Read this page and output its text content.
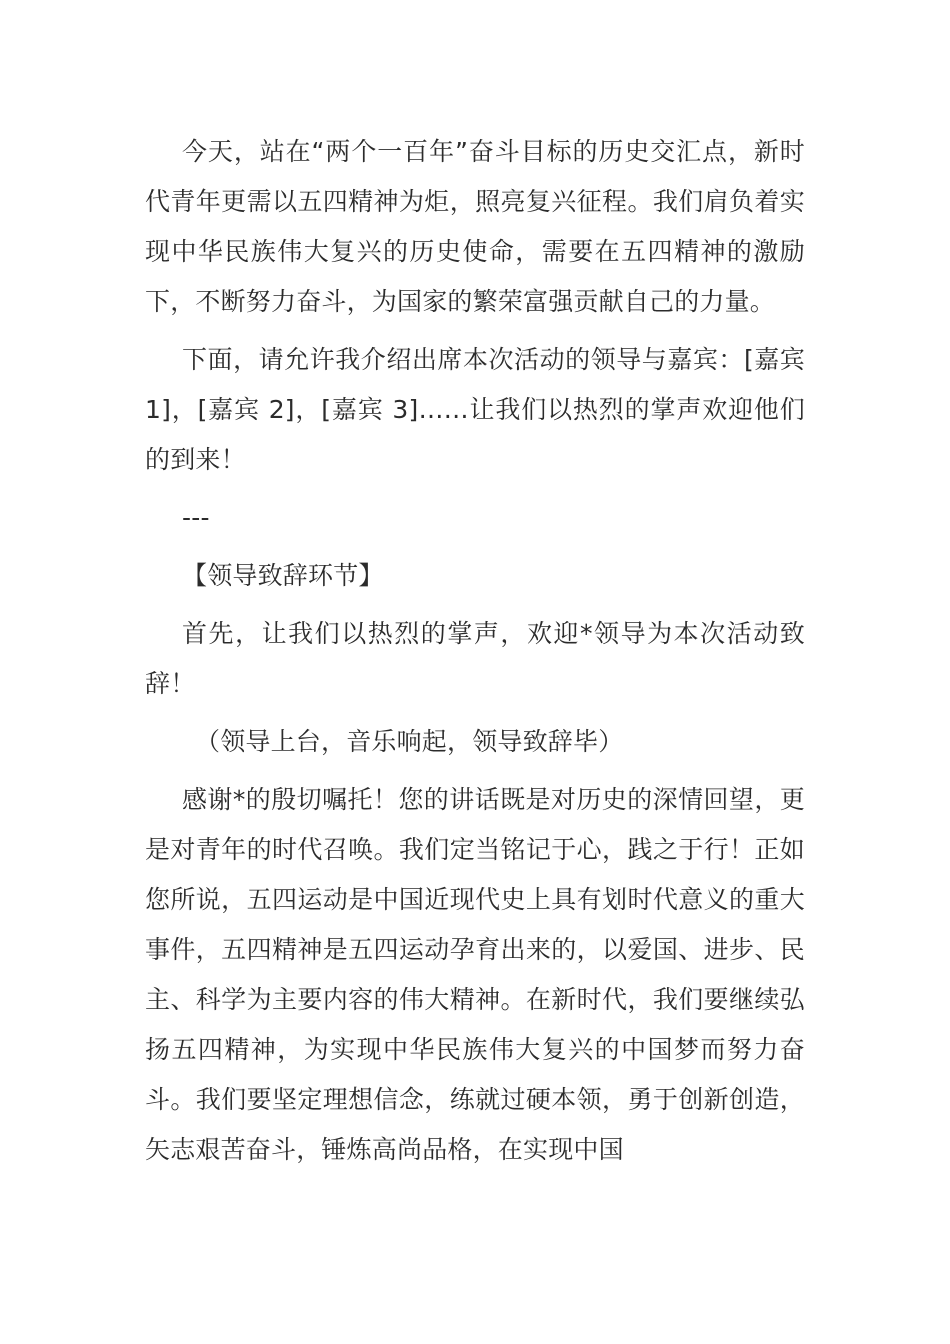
今天，站在“两个一百年”奋斗目标的历史交汇点，新时代青年更需以五四精神为炬，照亮复兴征程。我们肩负着实现中华民族伟大复兴的历史使命，需要在五四精神的激励下，不断努力奋斗，为国家的繁荣富强贡献自己的力量。

下面，请允许我介绍出席本次活动的领导与嘉宾：[嘉宾1]，[嘉宾 2]，[嘉宾 3]……让我们以热烈的掌声欢迎他们的到来！

---

【领导致辞环节】

首先，让我们以热烈的掌声，欢迎*领导为本次活动致辞！

（领导上台，音乐响起，领导致辞毕）

感谢*的殷切嘱托！您的讲话既是对历史的深情回望，更是对青年的时代召唤。我们定当铭记于心，践之于行！正如您所说，五四运动是中国近现代史上具有划时代意义的重大事件，五四精神是五四运动孕育出来的，以爱国、进步、民主、科学为主要内容的伟大精神。在新时代，我们要继续弘扬五四精神，为实现中华民族伟大复兴的中国梦而努力奋斗。我们要坚定理想信念，练就过硬本领，勇于创新创造，矢志艰苦奋斗，锤炼高尚品格，在实现中国
